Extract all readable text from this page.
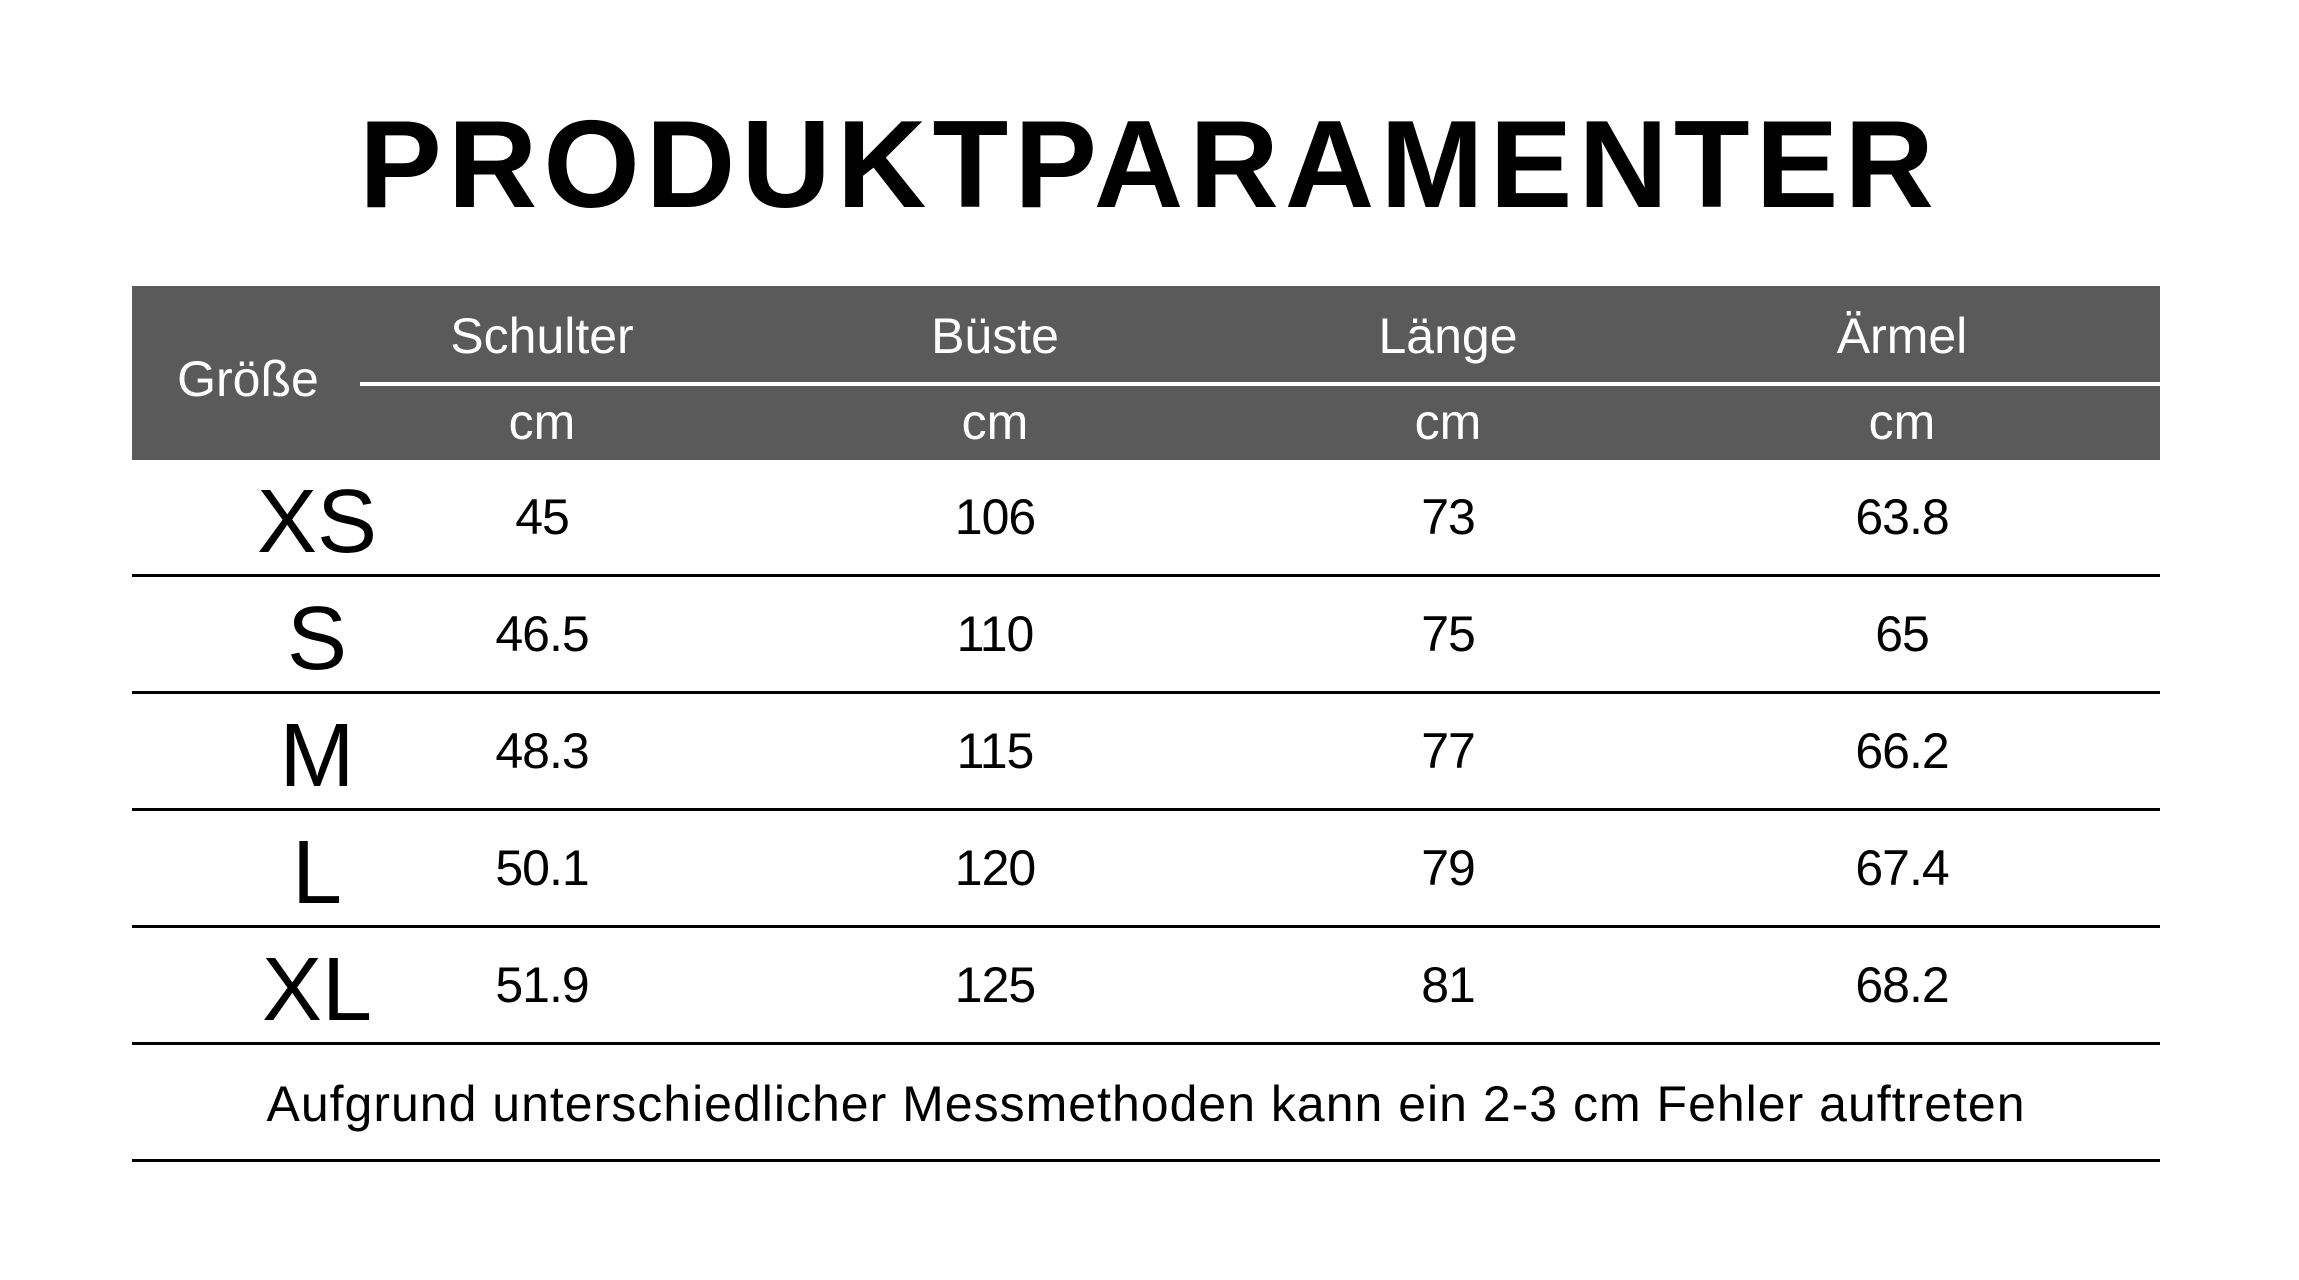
PRODUKTPARAMENTER
Größe
Schulter	Büste	Länge	Ärmel
cm	cm	cm	cm
XS	45	106	73	63.8
S	46.5	110	75	65
M	48.3	115	77	66.2
L	50.1	120	79	67.4
XL	51.9	125	81	68.2
Aufgrund unterschiedlicher Messmethoden kann ein 2-3 cm Fehler auftreten
